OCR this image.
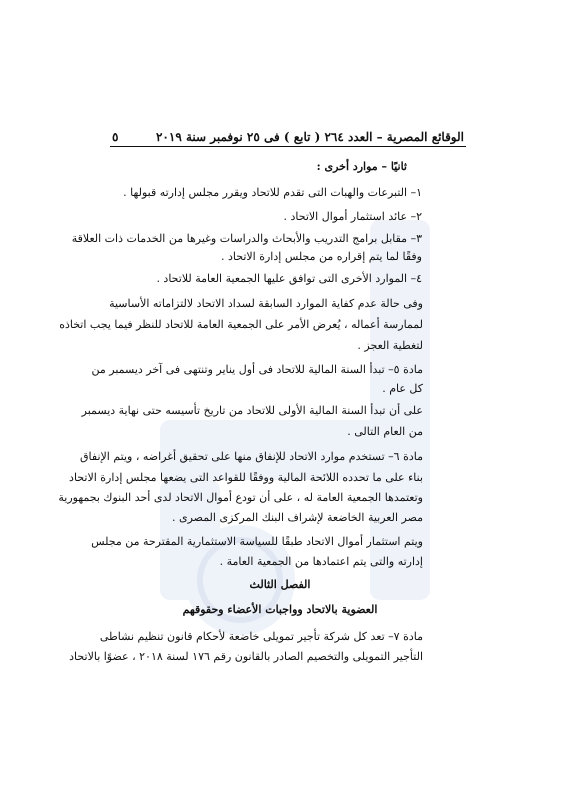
الوقائع المصرية – العدد ٢٦٤ ( تابع ) فى ٢٥ نوفمبر سنة ٢٠١٩
٥
ثانيًا – موارد أخرى :
١– التبرعات والهبات التى تقدم للاتحاد ويقرر مجلس إدارته قبولها .
٢– عائد استثمار أموال الاتحاد .
٣– مقابل برامج التدريب والأبحاث والدراسات وغيرها من الخدمات ذات العلاقة
وفقًا لما يتم إقراره من مجلس إدارة الاتحاد .
٤– الموارد الأخرى التى توافق عليها الجمعية العامة للاتحاد .
وفى حالة عدم كفاية الموارد السابقة لسداد الاتحاد لالتزاماته الأساسية
لممارسة أعماله ، يُعرض الأمر على الجمعية العامة للاتحاد للنظر فيما يجب اتخاذه
لتغطية العجز .
مادة ٥– تبدأ السنة المالية للاتحاد فى أول يناير وتنتهى فى آخر ديسمبر من
كل عام .
على أن تبدأ السنة المالية الأولى للاتحاد من تاريخ تأسيسه حتى نهاية ديسمبر
من العام التالى .
مادة ٦– تستخدم موارد الاتحاد للإنفاق منها على تحقيق أغراضه ، ويتم الإنفاق
بناء على ما تحدده اللائحة المالية ووفقًا للقواعد التى يضعها مجلس إدارة الاتحاد
وتعتمدها الجمعية العامة له ، على أن تودع أموال الاتحاد لدى أحد البنوك بجمهورية
مصر العربية الخاضعة لإشراف البنك المركزى المصرى .
ويتم استثمار أموال الاتحاد طبقًا للسياسة الاستثمارية المقترحة من مجلس
إدارته والتى يتم اعتمادها من الجمعية العامة .
الفصل الثالث
العضوية بالاتحاد وواجبات الأعضاء وحقوقهم
مادة ٧– تعد كل شركة تأجير تمويلى خاضعة لأحكام قانون تنظيم نشاطى
التأجير التمويلى والتخصيم الصادر بالقانون رقم ١٧٦ لسنة ٢٠١٨ ، عضوًا بالاتحاد
